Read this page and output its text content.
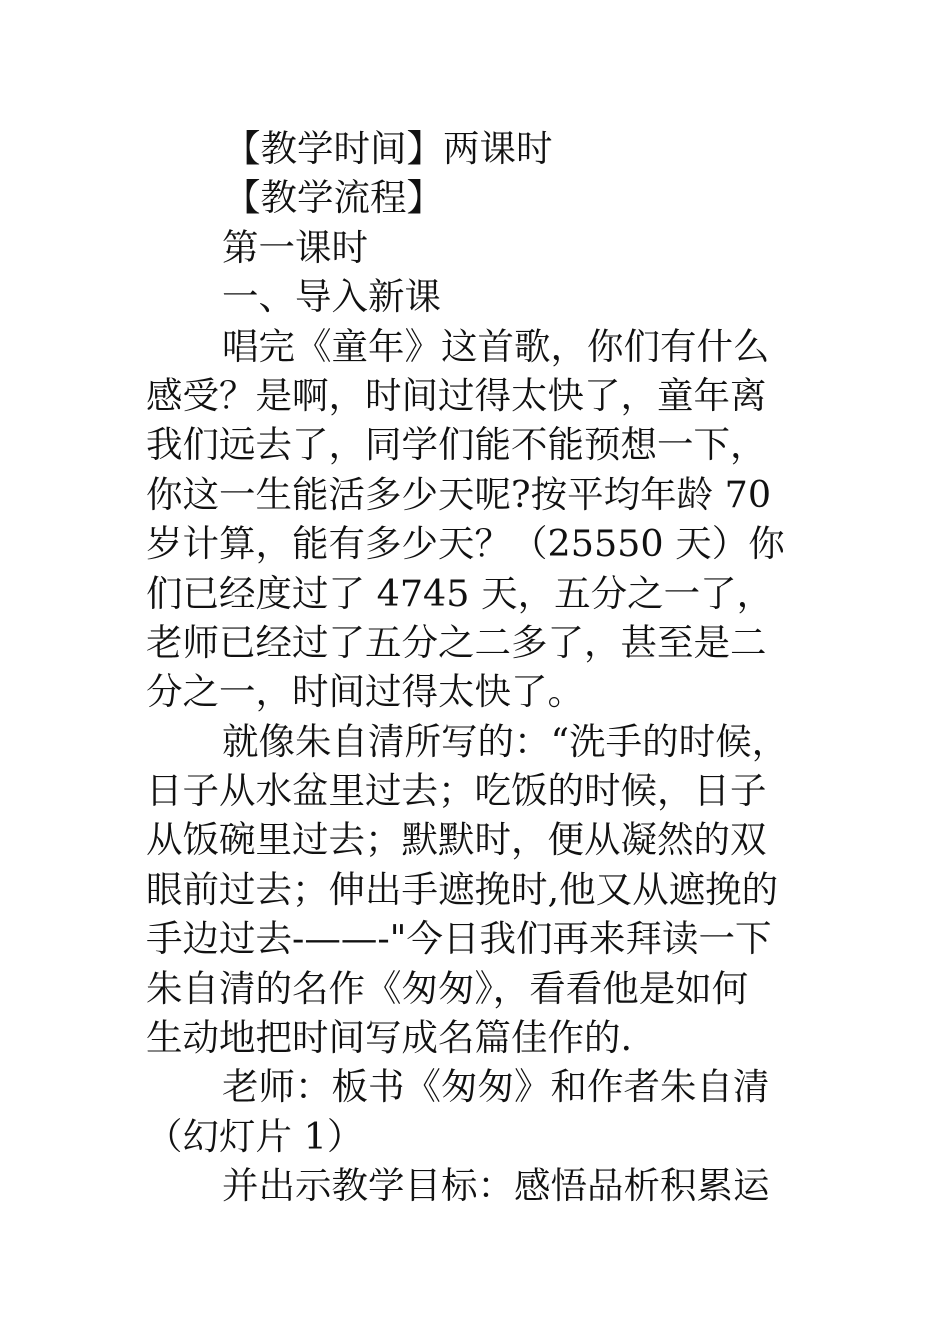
【教学时间】两课时
【教学流程】
第一课时
一、导入新课
唱完《童年》这首歌，你们有什么
感受？是啊，时间过得太快了，童年离
我们远去了，同学们能不能预想一下，
你这一生能活多少天呢?按平均年龄 70
岁计算，能有多少天？（25550 天）你
们已经度过了 4745 天，五分之一了，
老师已经过了五分之二多了，甚至是二
分之一，时间过得太快了。
就像朱自清所写的：“洗手的时候，
日子从水盆里过去；吃饭的时候，日子
从饭碗里过去；默默时，便从凝然的双
眼前过去；伸出手遮挽时,他又从遮挽的
手边过去-——-"今日我们再来拜读一下
朱自清的名作《匆匆》，看看他是如何
生动地把时间写成名篇佳作的.
老师：板书《匆匆》和作者朱自清
（幻灯片 1）
并出示教学目标：感悟品析积累运
